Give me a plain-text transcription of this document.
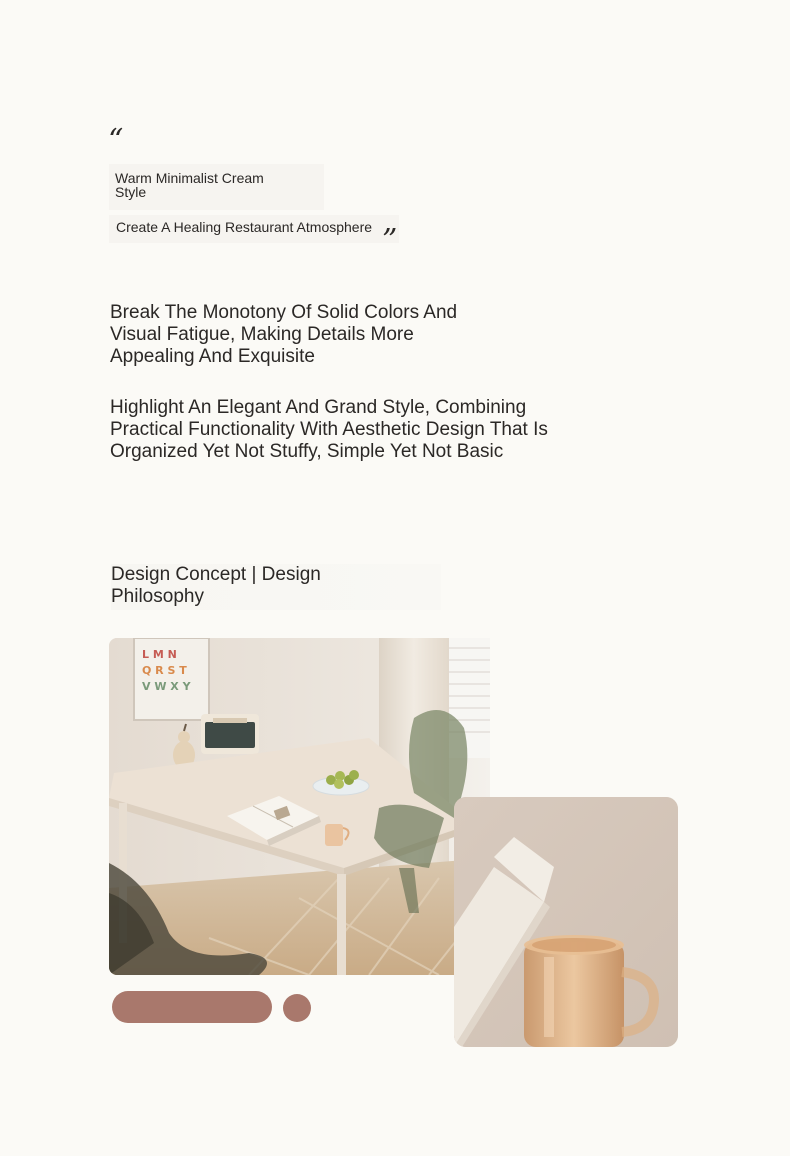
“
Warm Minimalist Cream Style
Create A Healing Restaurant Atmosphere ”

Break The Monotony Of Solid Colors And Visual Fatigue, Making Details More Appealing And Exquisite

Highlight An Elegant And Grand Style, Combining Practical Functionality With Aesthetic Design That Is Organized Yet Not Stuffy, Simple Yet Not Basic

Design Concept | Design Philosophy
L M N
Q R S T
V W X Y
